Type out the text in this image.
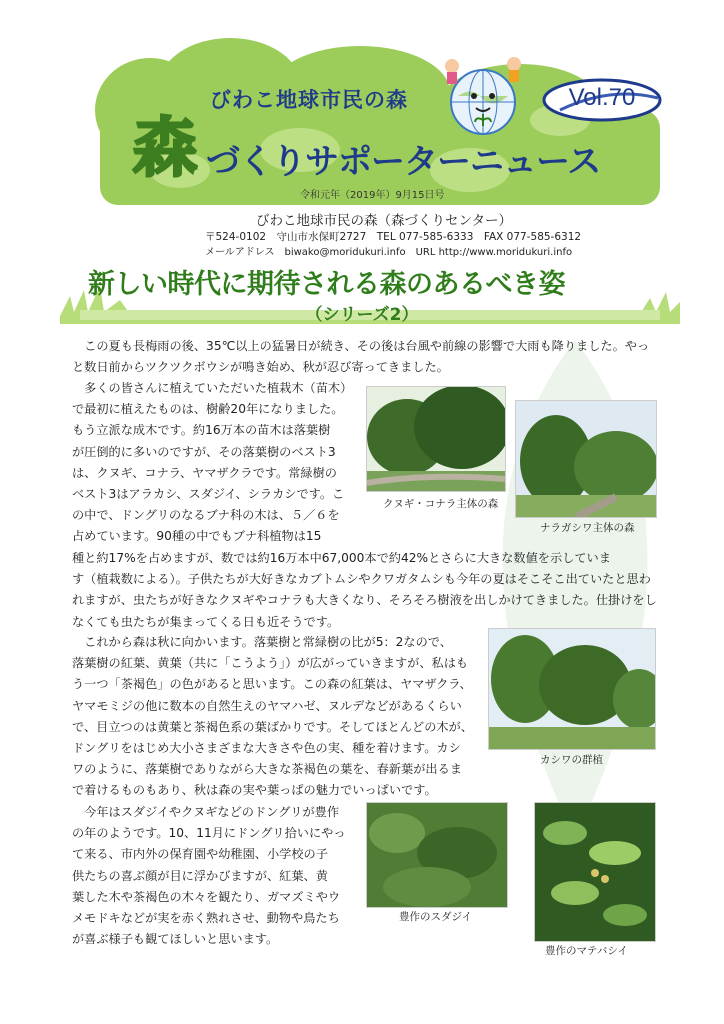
びわこ地球市民の森
森 づくりサポーターニュース
令和元年（2019年）9月15日号
Vol.70
びわこ地球市民の森（森づくりセンター）
〒524-0102　守山市水保町2727　TEL 077-585-6333　FAX 077-585-6312
メールアドレス　biwako@moridukuri.info　URL http://www.moridukuri.info
新しい時代に期待される森のあるべき姿
（シリーズ2）

　この夏も長梅雨の後、35℃以上の猛暑日が続き、その後は台風や前線の影響で大雨も降りました。やっ

と数日前からツクツクボウシが鳴き始め、秋が忍び寄ってきました。

　多くの皆さんに植えていただいた植栽木（苗木）

で最初に植えたものは、樹齢20年になりました。

もう立派な成木です。約16万本の苗木は落葉樹

が圧倒的に多いのですが、その落葉樹のベスト3

は、クヌギ、コナラ、ヤマザクラです。常緑樹の

ベスト3はアラカシ、スダジイ、シラカシです。こ

の中で、ドングリのなるブナ科の木は、５／６を

占めています。90種の中でもブナ科植物は15

種と約17%を占めますが、数では約16万本中67,000本で約42%とさらに大きな数値を示していま

す（植栽数による）。子供たちが大好きなカブトムシやクワガタムシも今年の夏はそこそこ出ていたと思わ

れますが、虫たちが好きなクヌギやコナラも大きくなり、そろそろ樹液を出しかけてきました。仕掛けをし

なくても虫たちが集まってくる日も近そうです。

　これから森は秋に向かいます。落葉樹と常緑樹の比が5：2なので、

落葉樹の紅葉、黄葉（共に「こうよう」）が広がっていきますが、私はも

う一つ「茶褐色」の色があると思います。この森の紅葉は、ヤマザクラ、

ヤマモミジの他に数本の自然生えのヤマハゼ、ヌルデなどがあるくらい

で、目立つのは黄葉と茶褐色系の葉ばかりです。そしてほとんどの木が、

ドングリをはじめ大小さまざまな大きさや色の実、種を着けます。カシ

ワのように、落葉樹でありながら大きな茶褐色の葉を、春新葉が出るま

で着けるものもあり、秋は森の実や葉っぱの魅力でいっぱいです。

　今年はスダジイやクヌギなどのドングリが豊作

の年のようです。10、11月にドングリ拾いにやっ

て来る、市内外の保育園や幼稚園、小学校の子

供たちの喜ぶ顔が目に浮かびますが、紅葉、黄

葉した木や茶褐色の木々を観たり、ガマズミやウ

メモドキなどが実を赤く熟れさせ、動物や鳥たち

が喜ぶ様子も観てほしいと思います。

クヌギ・コナラ主体の森
ナラガシワ主体の森
カシワの群植
豊作のスダジイ
豊作のマテバシイ
